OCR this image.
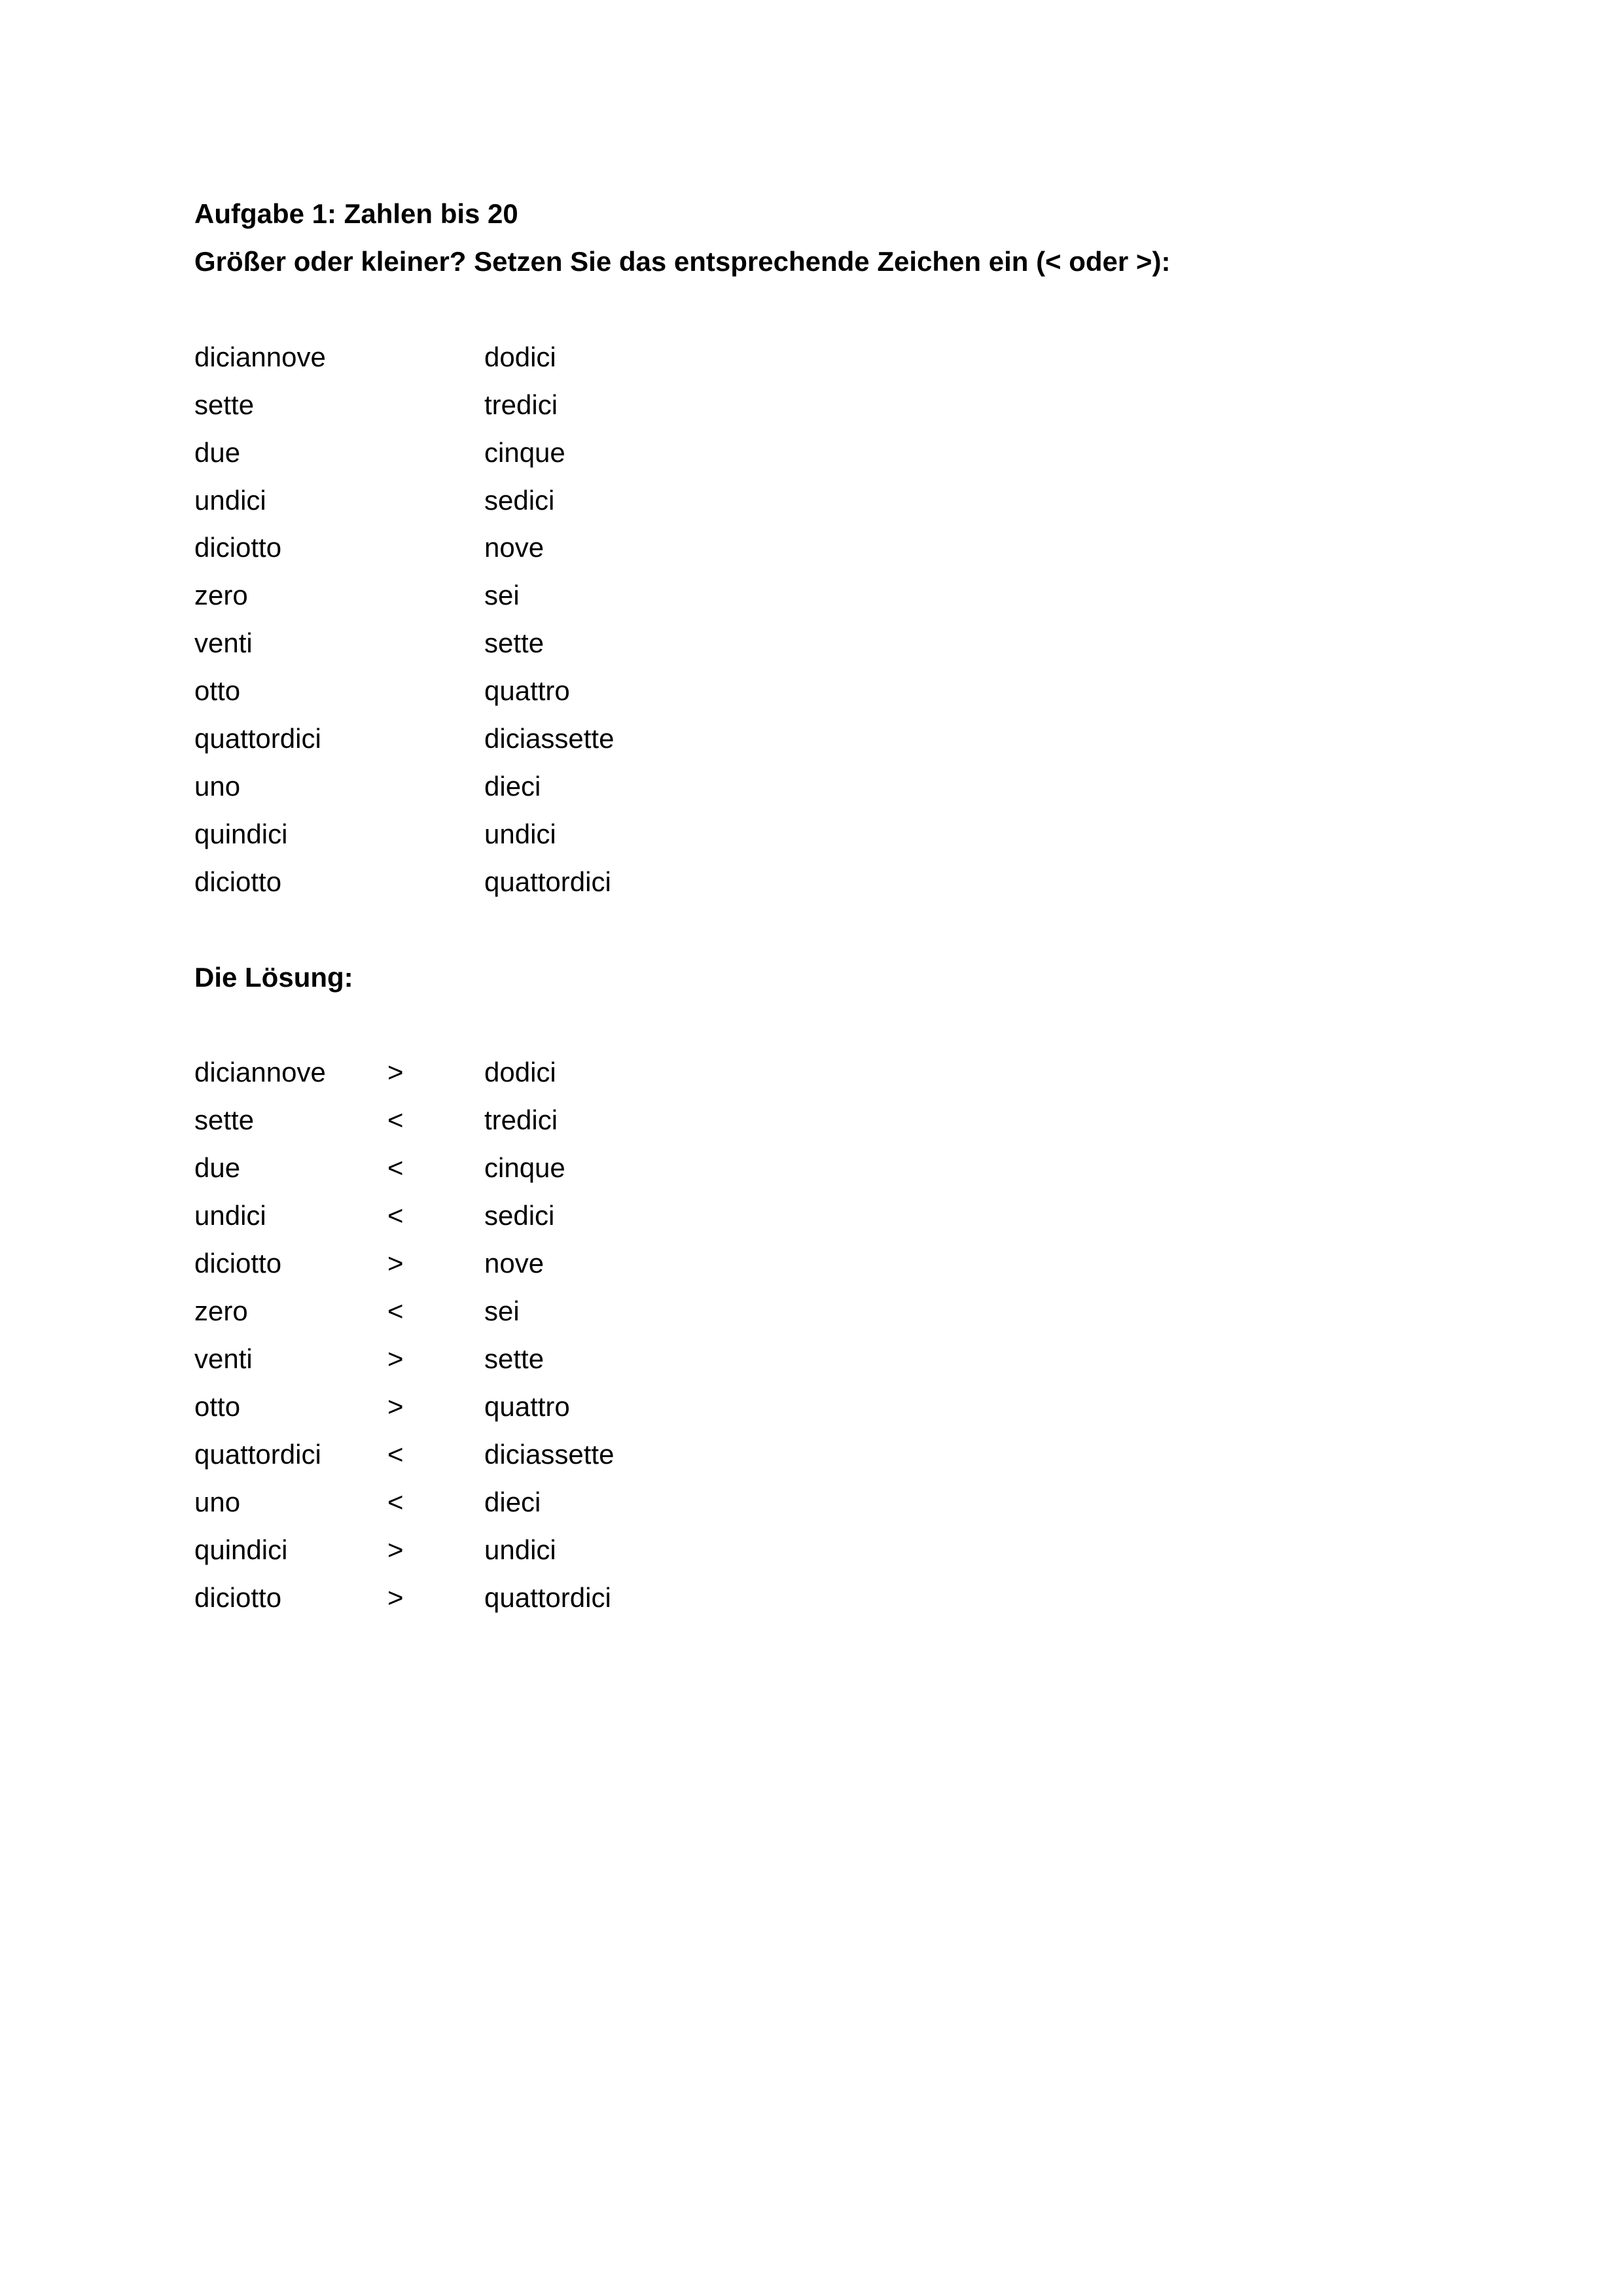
Aufgabe 1: Zahlen bis 20
Größer oder kleiner? Setzen Sie das entsprechende Zeichen ein (< oder >):
diciannove	dodici
sette	tredici
due	cinque
undici	sedici
diciotto	nove
zero	sei
venti	sette
otto	quattro
quattordici	diciassette
uno	dieci
quindici	undici
diciotto	quattordici
Die Lösung:
diciannove >	dodici
sette	<	tredici
due	<	cinque
undici	<	sedici
diciotto	>	nove
zero	<	sei
venti	>	sette
otto	>	quattro
quattordici <	diciassette
uno	<	dieci
quindici	>	undici
diciotto	>	quattordici
